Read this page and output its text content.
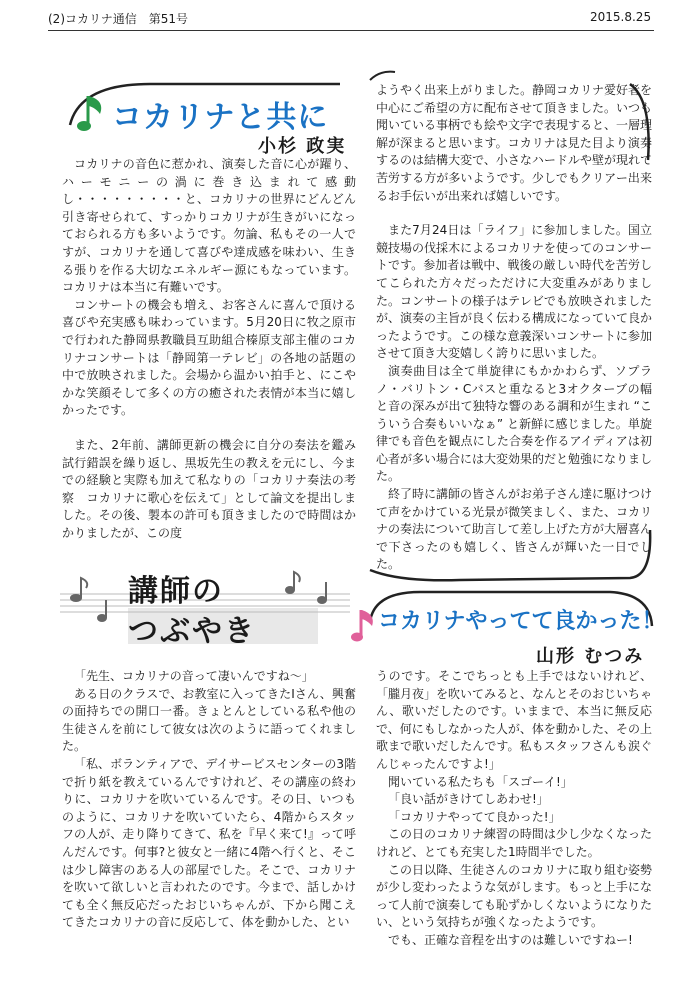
(2)コカリナ通信　第51号	2015.8.25
コカリナと共に
小杉 政実

コカリナの音色に惹かれ、演奏した音に心が躍り、ハーモニーの渦に巻き込まれて感動し・・・・・・・・・と、コカリナの世界にどんどん引き寄せられて、すっかりコカリナが生きがいになっておられる方も多いようです。勿論、私もその一人ですが、コカリナを通して喜びや達成感を味わい、生きる張りを作る大切なエネルギー源にもなっています。コカリナは本当に有難いです。

コンサートの機会も増え、お客さんに喜んで頂ける喜びや充実感も味わっています。5月20日に牧之原市で行われた静岡県教職員互助組合榛原支部主催のコカリナコンサートは「静岡第一テレビ」の各地の話題の中で放映されました。会場から温かい拍手と、にこやかな笑顔そして多くの方の癒された表情が本当に嬉しかったです。

また、2年前、講師更新の機会に自分の奏法を鑑み試行錯誤を繰り返し、黒坂先生の教えを元にし、今までの経験と実際も加えて私なりの「コカリナ奏法の考察　コカリナに歌心を伝えて」として論文を提出しました。その後、製本の許可も頂きましたので時間はかかりましたが、この度

ようやく出来上がりました。静岡コカリナ愛好者を中心にご希望の方に配布させて頂きました。いつも聞いている事柄でも絵や文字で表現すると、一層理解が深まると思います。コカリナは見た目より演奏するのは結構大変で、小さなハードルや壁が現れて苦労する方が多いようです。少しでもクリアー出来るお手伝いが出来れば嬉しいです。

また7月24日は「ライフ」に参加しました。国立競技場の伐採木によるコカリナを使ってのコンサートです。参加者は戦中、戦後の厳しい時代を苦労してこられた方々だっただけに大変重みがありました。コンサートの様子はテレビでも放映されましたが、演奏の主旨が良く伝わる構成になっていて良かったようです。この様な意義深いコンサートに参加させて頂き大変嬉しく誇りに思いました。

演奏曲目は全て単旋律にもかかわらず、ソプラノ・バリトン・Cバスと重なると3オクターブの幅と音の深みが出て独特な響のある調和が生まれ “こういう合奏もいいなぁ” と新鮮に感じました。単旋律でも音色を観点にした合奏を作るアイディアは初心者が多い場合には大変効果的だと勉強になりました。

終了時に講師の皆さんがお弟子さん達に駆けつけて声をかけている光景が微笑ましく、また、コカリナの奏法について助言して差し上げた方が大層喜んで下さったのも嬉しく、皆さんが輝いた一日でした。

講師の
つぶやき	コカリナやってて良かった！
山形 むつみ

「先生、コカリナの音って凄いんですね〜」

ある日のクラスで、お教室に入ってきたIさん、興奮の面持ちでの開口一番。きょとんとしている私や他の生徒さんを前にして彼女は次のように語ってくれました。

「私、ボランティアで、デイサービスセンターの3階で折り紙を教えているんですけれど、その講座の終わりに、コカリナを吹いているんです。その日、いつものように、コカリナを吹いていたら、4階からスタッフの人が、走り降りてきて、私を『早く来て!』って呼んだんです。何事?と彼女と一緒に4階へ行くと、そこは少し障害のある人の部屋でした。そこで、コカリナを吹いて欲しいと言われたのです。今まで、話しかけても全く無反応だったおじいちゃんが、下から聞こえてきたコカリナの音に反応して、体を動かした、とい

うのです。そこでちっとも上手ではないけれど、「朧月夜」を吹いてみると、なんとそのおじいちゃん、歌いだしたのです。いままで、本当に無反応で、何にもしなかった人が、体を動かした、その上歌まで歌いだしたんです。私もスタッフさんも涙ぐんじゃったんですよ!」

聞いている私たちも「スゴーイ!」

「良い話がきけてしあわせ!」

「コカリナやってて良かった!」

この日のコカリナ練習の時間は少し少なくなったけれど、とても充実した1時間半でした。

この日以降、生徒さんのコカリナに取り組む姿勢が少し変わったような気がします。もっと上手になって人前で演奏しても恥ずかしくないようになりたい、という気持ちが強くなったようです。

でも、正確な音程を出すのは難しいですねー!
